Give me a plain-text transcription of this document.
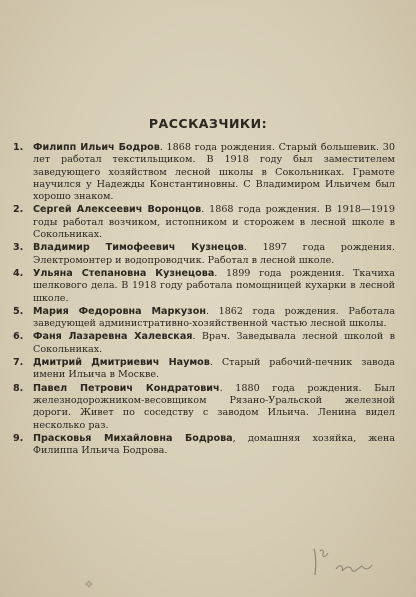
РАССКАЗЧИКИ:
1. Филипп Ильич Бодров. 1868 года рождения. Старый большевик. 30 лет работал текстильщиком. В 1918 году был заместителем заведующего хозяйством лесной школы в Сокольниках. Грамоте научился у Надежды Константиновны. С Владимиром Ильичем был хорошо знаком.
2. Сергей Алексеевич Воронцов. 1868 года рождения. В 1918—1919 годы работал возчиком, истопником и сторожем в лесной школе в Сокольниках.
3. Владимир Тимофеевич Кузнецов. 1897 года рождения. Электромонтер и водопроводчик. Работал в лесной школе.
4. Ульяна Степановна Кузнецова. 1899 года рождения. Ткачиха шелкового дела. В 1918 году работала помощницей кухарки в лесной школе.
5. Мария Федоровна Маркузон. 1862 года рождения. Работала заведующей административно-хозяйственной частью лесной школы.
6. Фаня Лазаревна Халевская. Врач. Заведывала лесной школой в Сокольниках.
7. Дмитрий Дмитриевич Наумов. Старый рабочий-печник завода имени Ильича в Москве.
8. Павел Петрович Кондратович. 1880 года рождения. Был железнодорожником-весовщиком Рязано-Уральской железной дороги. Живет по соседству с заводом Ильича. Ленина видел несколько раз.
9. Прасковья Михайловна Бодрова, домашняя хозяйка, жена Филиппа Ильича Бодрова.
❖
